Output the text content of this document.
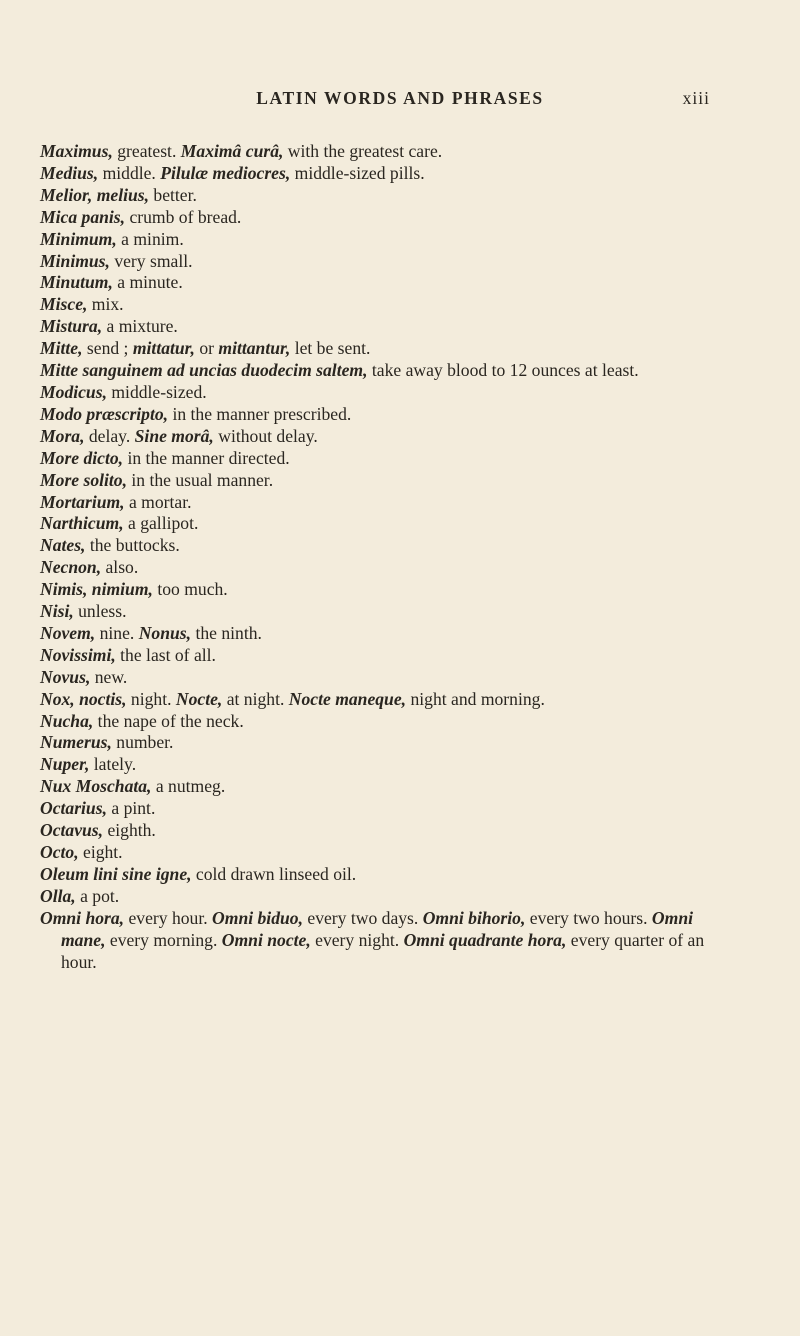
LATIN WORDS AND PHRASES	xiii

Maximus, greatest. Maximâ curâ, with the greatest care.

Medius, middle. Pilulæ mediocres, middle-sized pills.

Melior, melius, better.

Mica panis, crumb of bread.

Minimum, a minim.

Minimus, very small.

Minutum, a minute.

Misce, mix.

Mistura, a mixture.

Mitte, send ; mittatur, or mittantur, let be sent.

Mitte sanguinem ad uncias duodecim saltem, take away blood to 12 ounces at least.

Modicus, middle-sized.

Modo præscripto, in the manner prescribed.

Mora, delay. Sine morâ, without delay.

More dicto, in the manner directed.

More solito, in the usual manner.

Mortarium, a mortar.

Narthicum, a gallipot.

Nates, the buttocks.

Necnon, also.

Nimis, nimium, too much.

Nisi, unless.

Novem, nine. Nonus, the ninth.

Novissimi, the last of all.

Novus, new.

Nox, noctis, night. Nocte, at night. Nocte maneque, night and morning.

Nucha, the nape of the neck.

Numerus, number.

Nuper, lately.

Nux Moschata, a nutmeg.

Octarius, a pint.

Octavus, eighth.

Octo, eight.

Oleum lini sine igne, cold drawn linseed oil.

Olla, a pot.

Omni hora, every hour. Omni biduo, every two days. Omni bihorio, every two hours. Omni mane, every morning. Omni nocte, every night. Omni quadrante hora, every quarter of an hour.
